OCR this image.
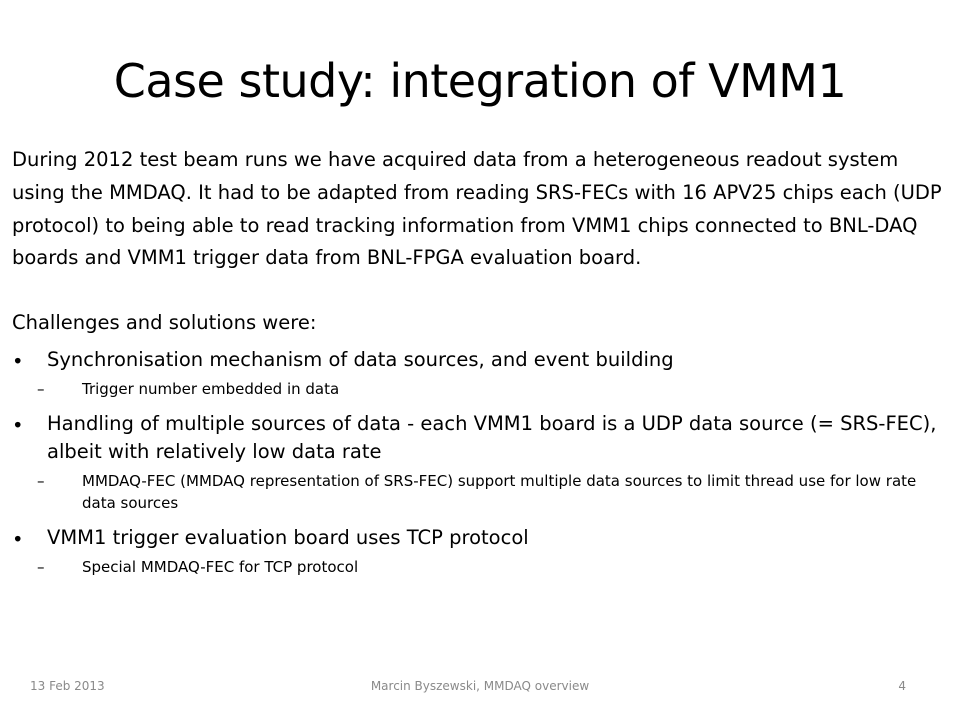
Case study: integration of VMM1

During 2012 test beam runs we have acquired data from a heterogeneous readout system using the MMDAQ. It had to be adapted from reading SRS-FECs with 16 APV25 chips each (UDP protocol) to being able to read tracking information from VMM1 chips connected to BNL-DAQ boards and VMM1 trigger data from BNL-FPGA evaluation board.

Challenges and solutions were:

• Synchronisation mechanism of data sources, and event building
–	Trigger number embedded in data
• Handling of multiple sources of data - each VMM1 board is a UDP data source (= SRS-FEC), albeit with relatively low data rate
–	MMDAQ-FEC (MMDAQ representation of SRS-FEC) support multiple data sources to limit thread use for low rate data sources
• VMM1 trigger evaluation board uses TCP protocol
–	Special MMDAQ-FEC for TCP protocol
13 Feb 2013	Marcin Byszewski, MMDAQ overview	4
